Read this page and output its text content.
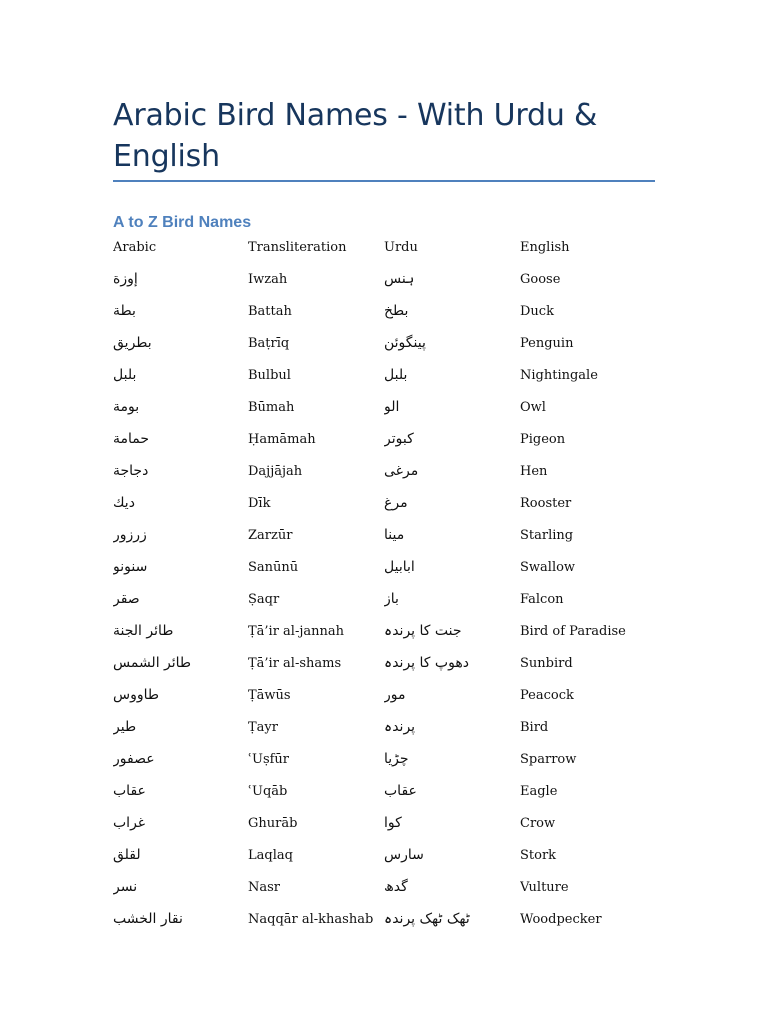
Arabic Bird Names - With Urdu & English
A to Z Bird Names
Arabic	Transliteration	Urdu	English
إوزة	Iwzah	ہنس	Goose
بطة	Battah	بطخ	Duck
بطريق	Baṭrīq	پینگوئن	Penguin
بلبل	Bulbul	بلبل	Nightingale
بومة	Būmah	الو	Owl
حمامة	Ḥamāmah	کبوتر	Pigeon
دجاجة	Dajjājah	مرغی	Hen
ديك	Dīk	مرغ	Rooster
زرزور	Zarzūr	مینا	Starling
سنونو	Sanūnū	ابابیل	Swallow
صقر	Ṣaqr	باز	Falcon
طائر الجنة	Ṭā’ir al-jannah	جنت کا پرندہ	Bird of Paradise
طائر الشمس	Ṭā’ir al-shams	دھوپ کا پرندہ	Sunbird
طاووس	Ṭāwūs	مور	Peacock
طير	Ṭayr	پرندہ	Bird
عصفور	ʿUṣfūr	چڑیا	Sparrow
عقاب	ʿUqāb	عقاب	Eagle
غراب	Ghurāb	کوا	Crow
لقلق	Laqlaq	سارس	Stork
نسر	Nasr	گدھ	Vulture
نقار الخشب	Naqqār al-khashab	ٹھک ٹھک پرندہ	Woodpecker
